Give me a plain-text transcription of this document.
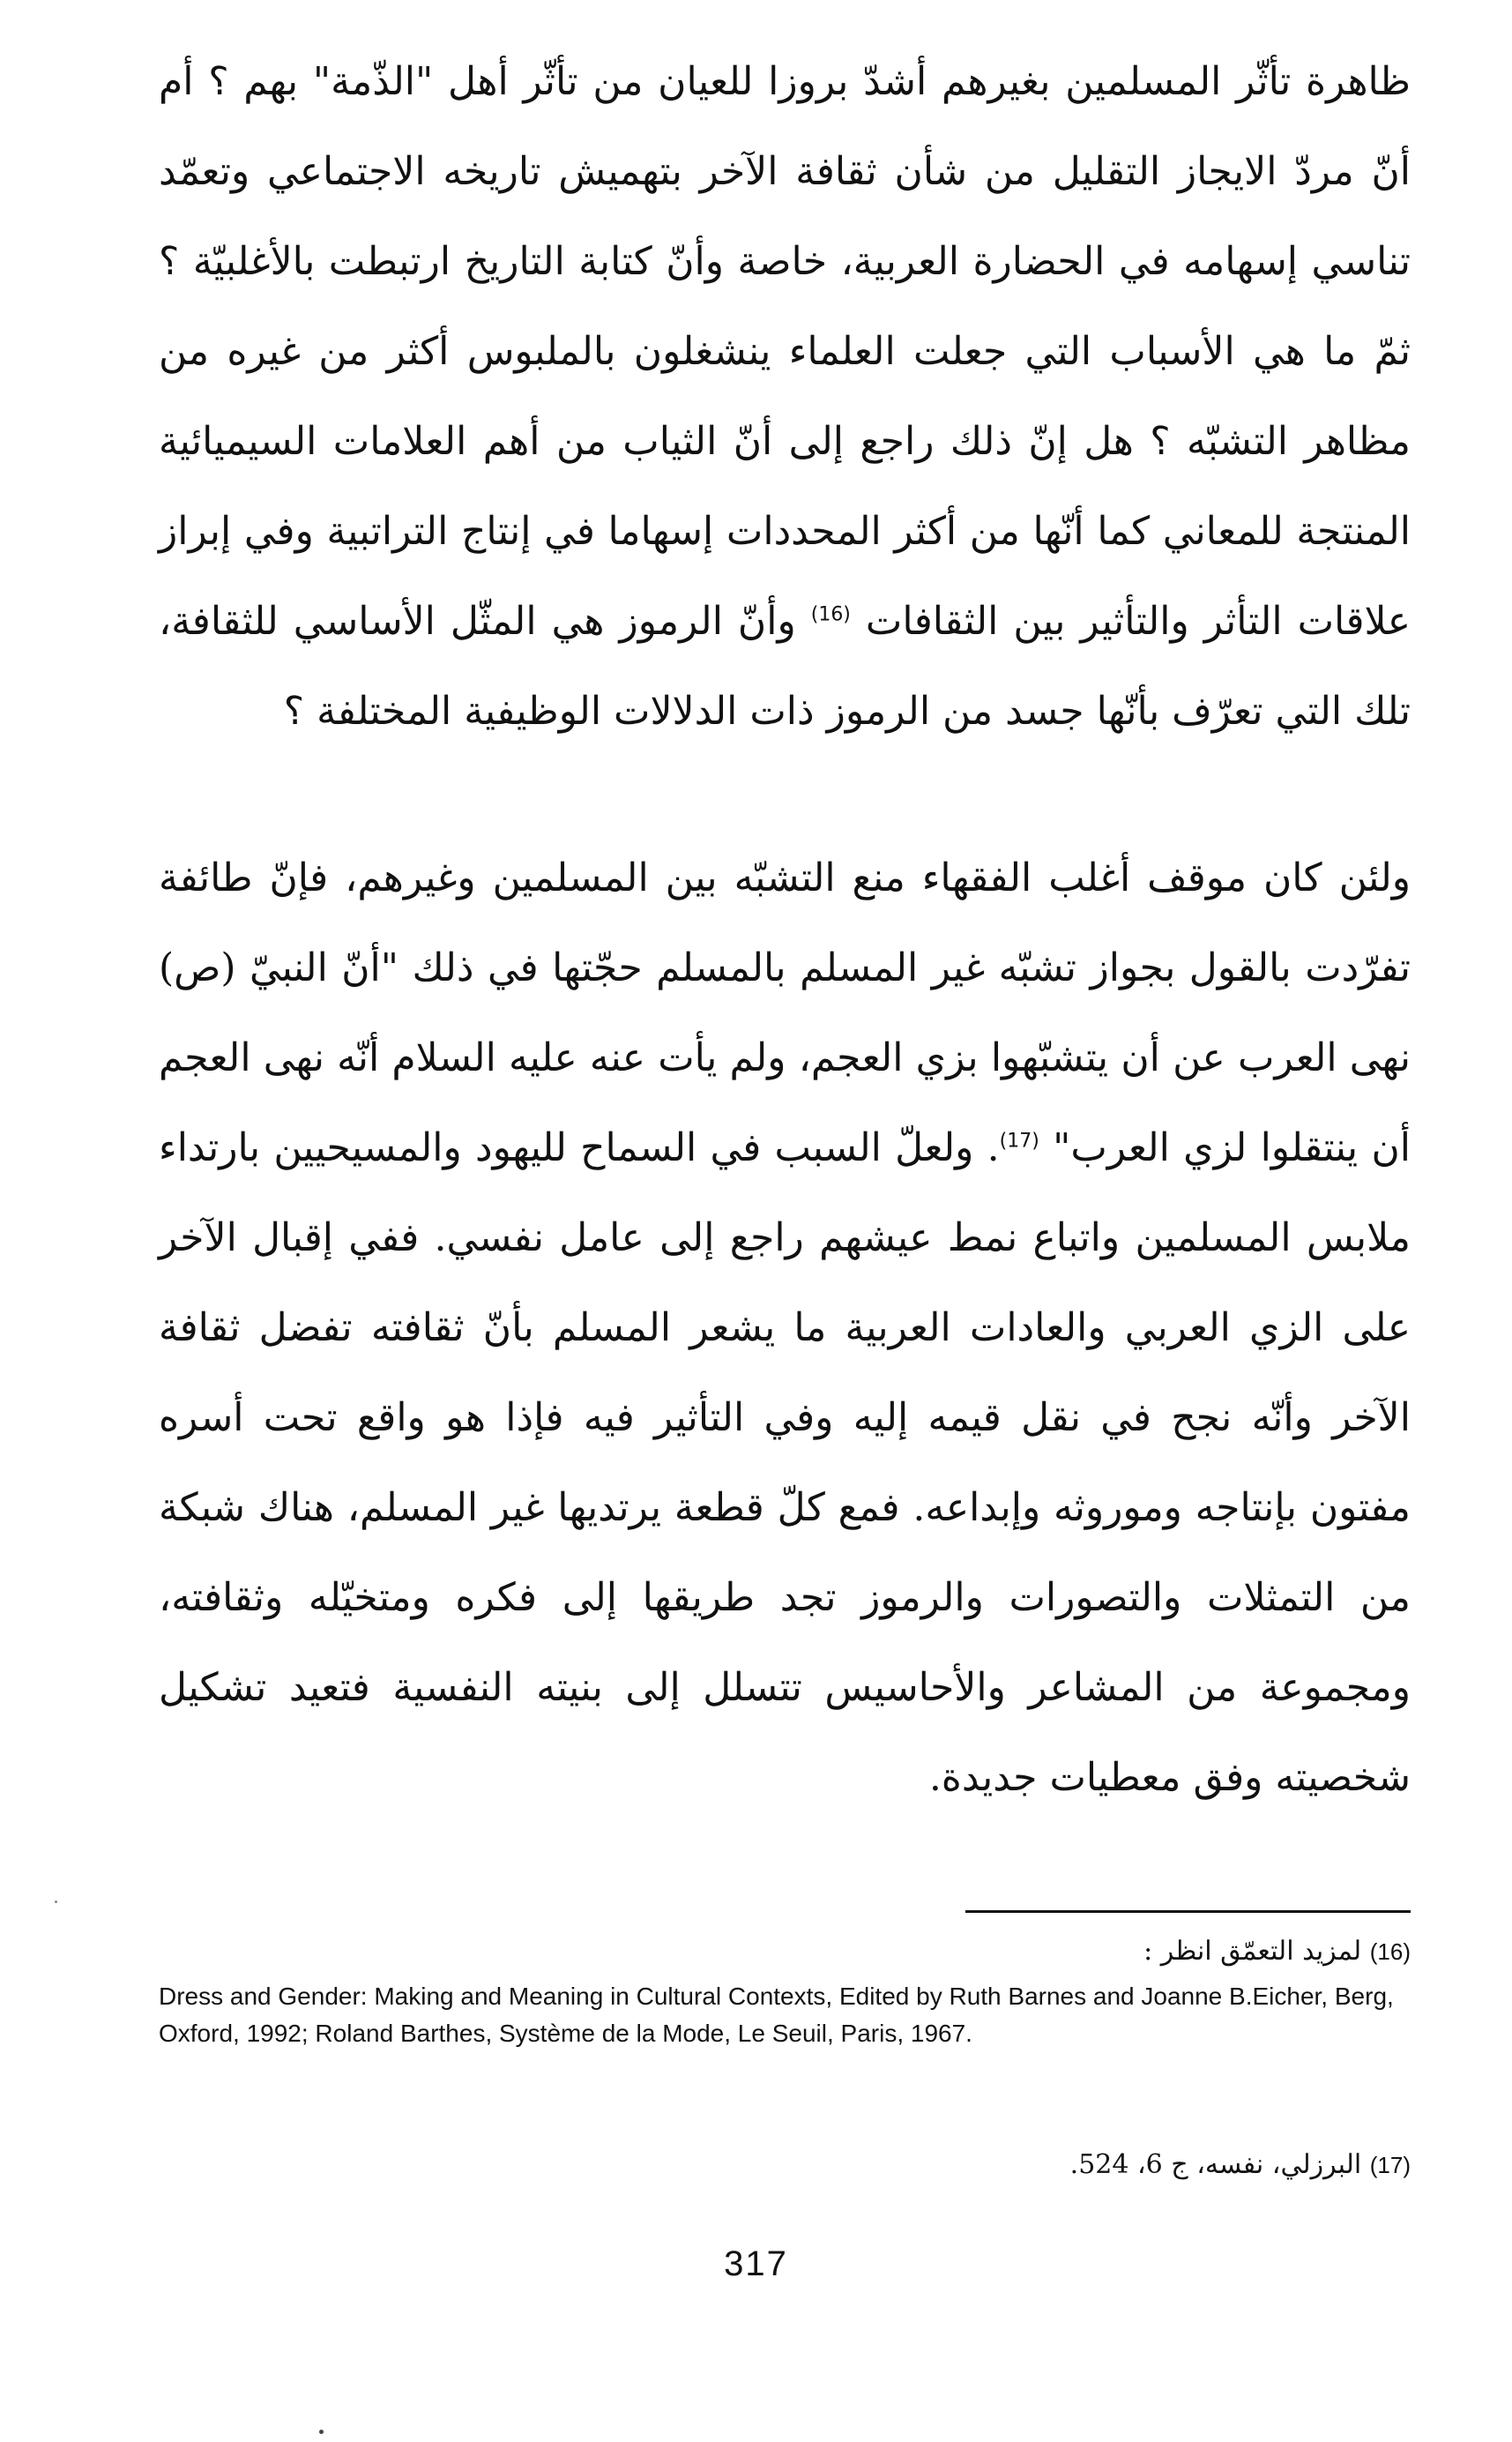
ظاهرة تأثّر المسلمين بغيرهم أشدّ بروزا للعيان من تأثّر أهل "الذّمة" بهم ؟ أم أنّ مردّ الايجاز التقليل من شأن ثقافة الآخر بتهميش تاريخه الاجتماعي وتعمّد تناسي إسهامه في الحضارة العربية، خاصة وأنّ كتابة التاريخ ارتبطت بالأغلبيّة ؟ ثمّ ما هي الأسباب التي جعلت العلماء ينشغلون بالملبوس أكثر من غيره من مظاهر التشبّه ؟ هل إنّ ذلك راجع إلى أنّ الثياب من أهم العلامات السيميائية المنتجة للمعاني كما أنّها من أكثر المحددات إسهاما في إنتاج التراتبية وفي إبراز علاقات التأثر والتأثير بين الثقافات $^{(16)}$ وأنّ الرموز هي المثّل الأساسي للثقافة، تلك التي تعرّف بأنّها جسد من الرموز ذات الدلالات الوظيفية المختلفة ؟

ولئن كان موقف أغلب الفقهاء منع التشبّه بين المسلمين وغيرهم، فإنّ طائفة تفرّدت بالقول بجواز تشبّه غير المسلم بالمسلم حجّتها في ذلك "أنّ النبيّ (ص) نهى العرب عن أن يتشبّهوا بزي العجم، ولم يأت عنه عليه السلام أنّه نهى العجم أن ينتقلوا لزي العرب" $^{(17)}$. ولعلّ السبب في السماح لليهود والمسيحيين بارتداء ملابس المسلمين واتباع نمط عيشهم راجع إلى عامل نفسي. ففي إقبال الآخر على الزي العربي والعادات العربية ما يشعر المسلم بأنّ ثقافته تفضل ثقافة الآخر وأنّه نجح في نقل قيمه إليه وفي التأثير فيه فإذا هو واقع تحت أسره مفتون بإنتاجه وموروثه وإبداعه. فمع كلّ قطعة يرتديها غير المسلم، هناك شبكة من التمثلات والتصورات والرموز تجد طريقها إلى فكره ومتخيّله وثقافته، ومجموعة من المشاعر والأحاسيس تتسلل إلى بنيته النفسية فتعيد تشكيل شخصيته وفق معطيات جديدة.

(16) لمزيد التعمّق انظر :

Dress and Gender: Making and Meaning in Cultural Contexts, Edited by Ruth Barnes and Joanne B.Eicher, Berg, Oxford, 1992; Roland Barthes, Système de la Mode, Le Seuil, Paris, 1967.

(17) البرزلي، نفسه، ج 6، 524.

317
